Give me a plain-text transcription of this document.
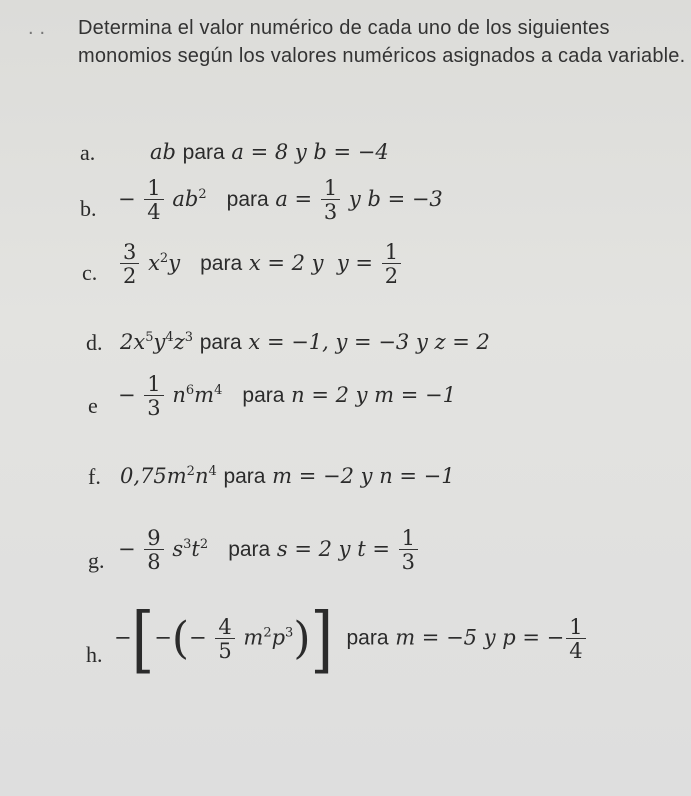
. . Determina el valor numérico de cada uno de los siguientes monomios según los valores numéricos asignados a cada variable.
a.	ab para a = 8 y b = −4
b. − $\frac{1}{4} ab^2$ para $a = \frac{1}{3}$ y b = −3
c. $\frac{3}{2} x^2y$ para x = 2 y $y = \frac{1}{2}$
d. $2x^5y^4z^3$ para x = −1, y = −3 y z = 2
$e - \frac{1}{3} n^6m^4$ para n = 2 y m = −1
f. $0,75m^2n^4$ para m = −2 y n = −1
g. − $\frac{9}{8} s^3t^2$ para s = 2 y $t = \frac{1}{3}$
h.
−[−(− $\frac{4}{5} m^2p^3$)] para m = −5 y p = − $\frac{1}{4}$
